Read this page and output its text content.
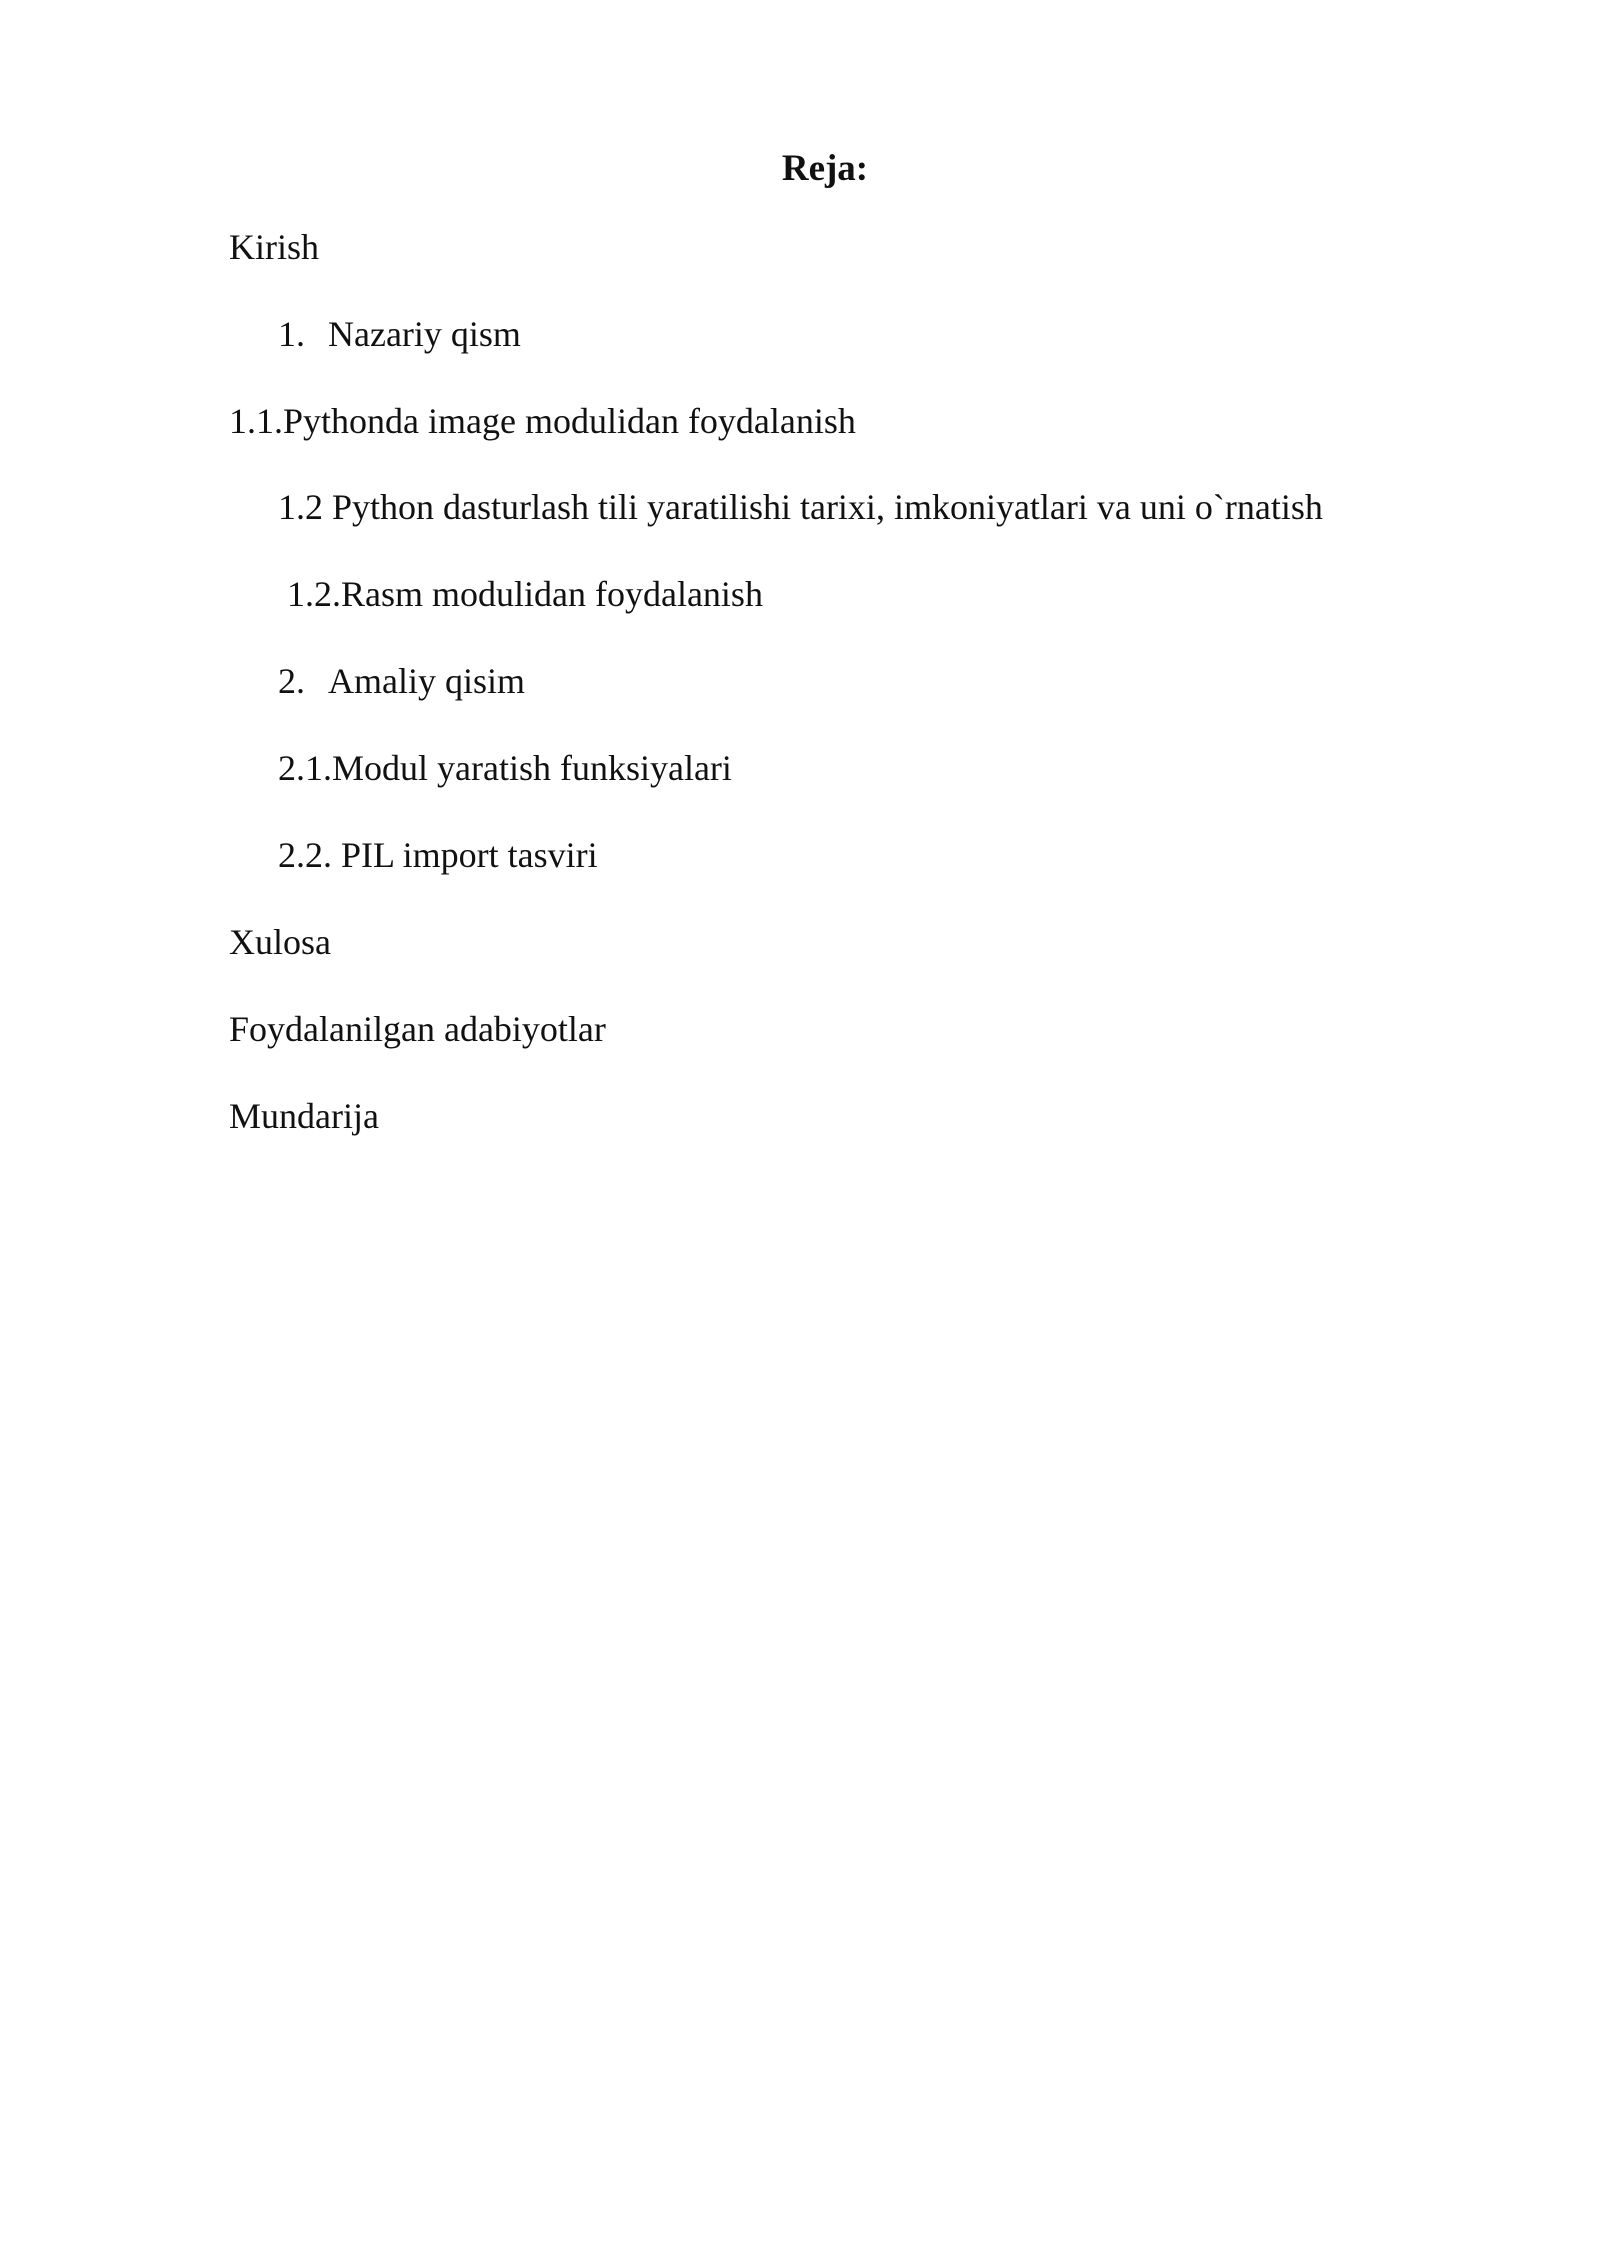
Reja:
Kirish
1. Nazariy qism
1.1.Pythonda image modulidan foydalanish
1.2 Python dasturlash tili yaratilishi tarixi, imkoniyatlari va uni o`rnatish
1.2.Rasm modulidan foydalanish
2. Amaliy qisim
2.1.Modul yaratish funksiyalari
2.2. PIL import tasviri
Xulosa
Foydalanilgan adabiyotlar
Mundarija
